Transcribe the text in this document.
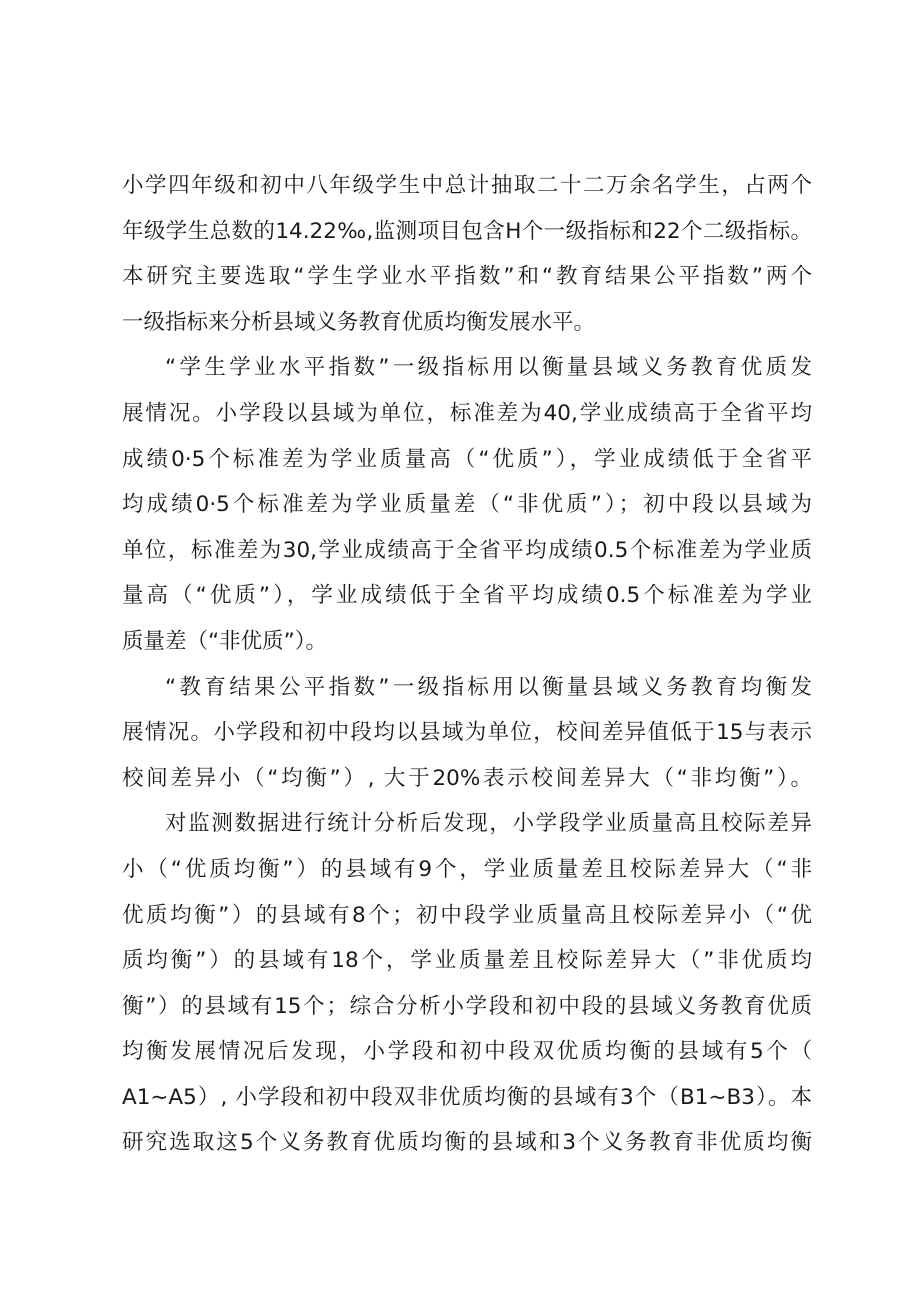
小学四年级和初中八年级学生中总计抽取二十二万余名学生，占两个
年级学生总数的14.22‰,监测项目包含H个一级指标和22个二级指标。
本研究主要选取“学生学业水平指数”和“教育结果公平指数”两个
一级指标来分析县域义务教育优质均衡发展水平。
“学生学业水平指数”一级指标用以衡量县域义务教育优质发
展情况。小学段以县域为单位，标准差为40,学业成绩高于全省平均
成绩0·5个标准差为学业质量高（“优质”），学业成绩低于全省平
均成绩0·5个标准差为学业质量差（“非优质”）；初中段以县域为
单位，标准差为30,学业成绩高于全省平均成绩0.5个标准差为学业质
量高（“优质”），学业成绩低于全省平均成绩0.5个标准差为学业
质量差（“非优质”）。
“教育结果公平指数”一级指标用以衡量县域义务教育均衡发
展情况。小学段和初中段均以县域为单位，校间差异值低于15与表示
校间差异小（“均衡”）, 大于20%表示校间差异大（“非均衡”）。
对监测数据进行统计分析后发现，小学段学业质量高且校际差异
小（“优质均衡”）的县域有9个，学业质量差且校际差异大（“非
优质均衡”）的县域有8个；初中段学业质量高且校际差异小（“优
质均衡”）的县域有18个，学业质量差且校际差异大（”非优质均
衡”）的县域有15个；综合分析小学段和初中段的县域义务教育优质
均衡发展情况后发现，小学段和初中段双优质均衡的县域有5个（
A1~A5）, 小学段和初中段双非优质均衡的县域有3个（B1~B3）。本
研究选取这5个义务教育优质均衡的县域和3个义务教育非优质均衡
